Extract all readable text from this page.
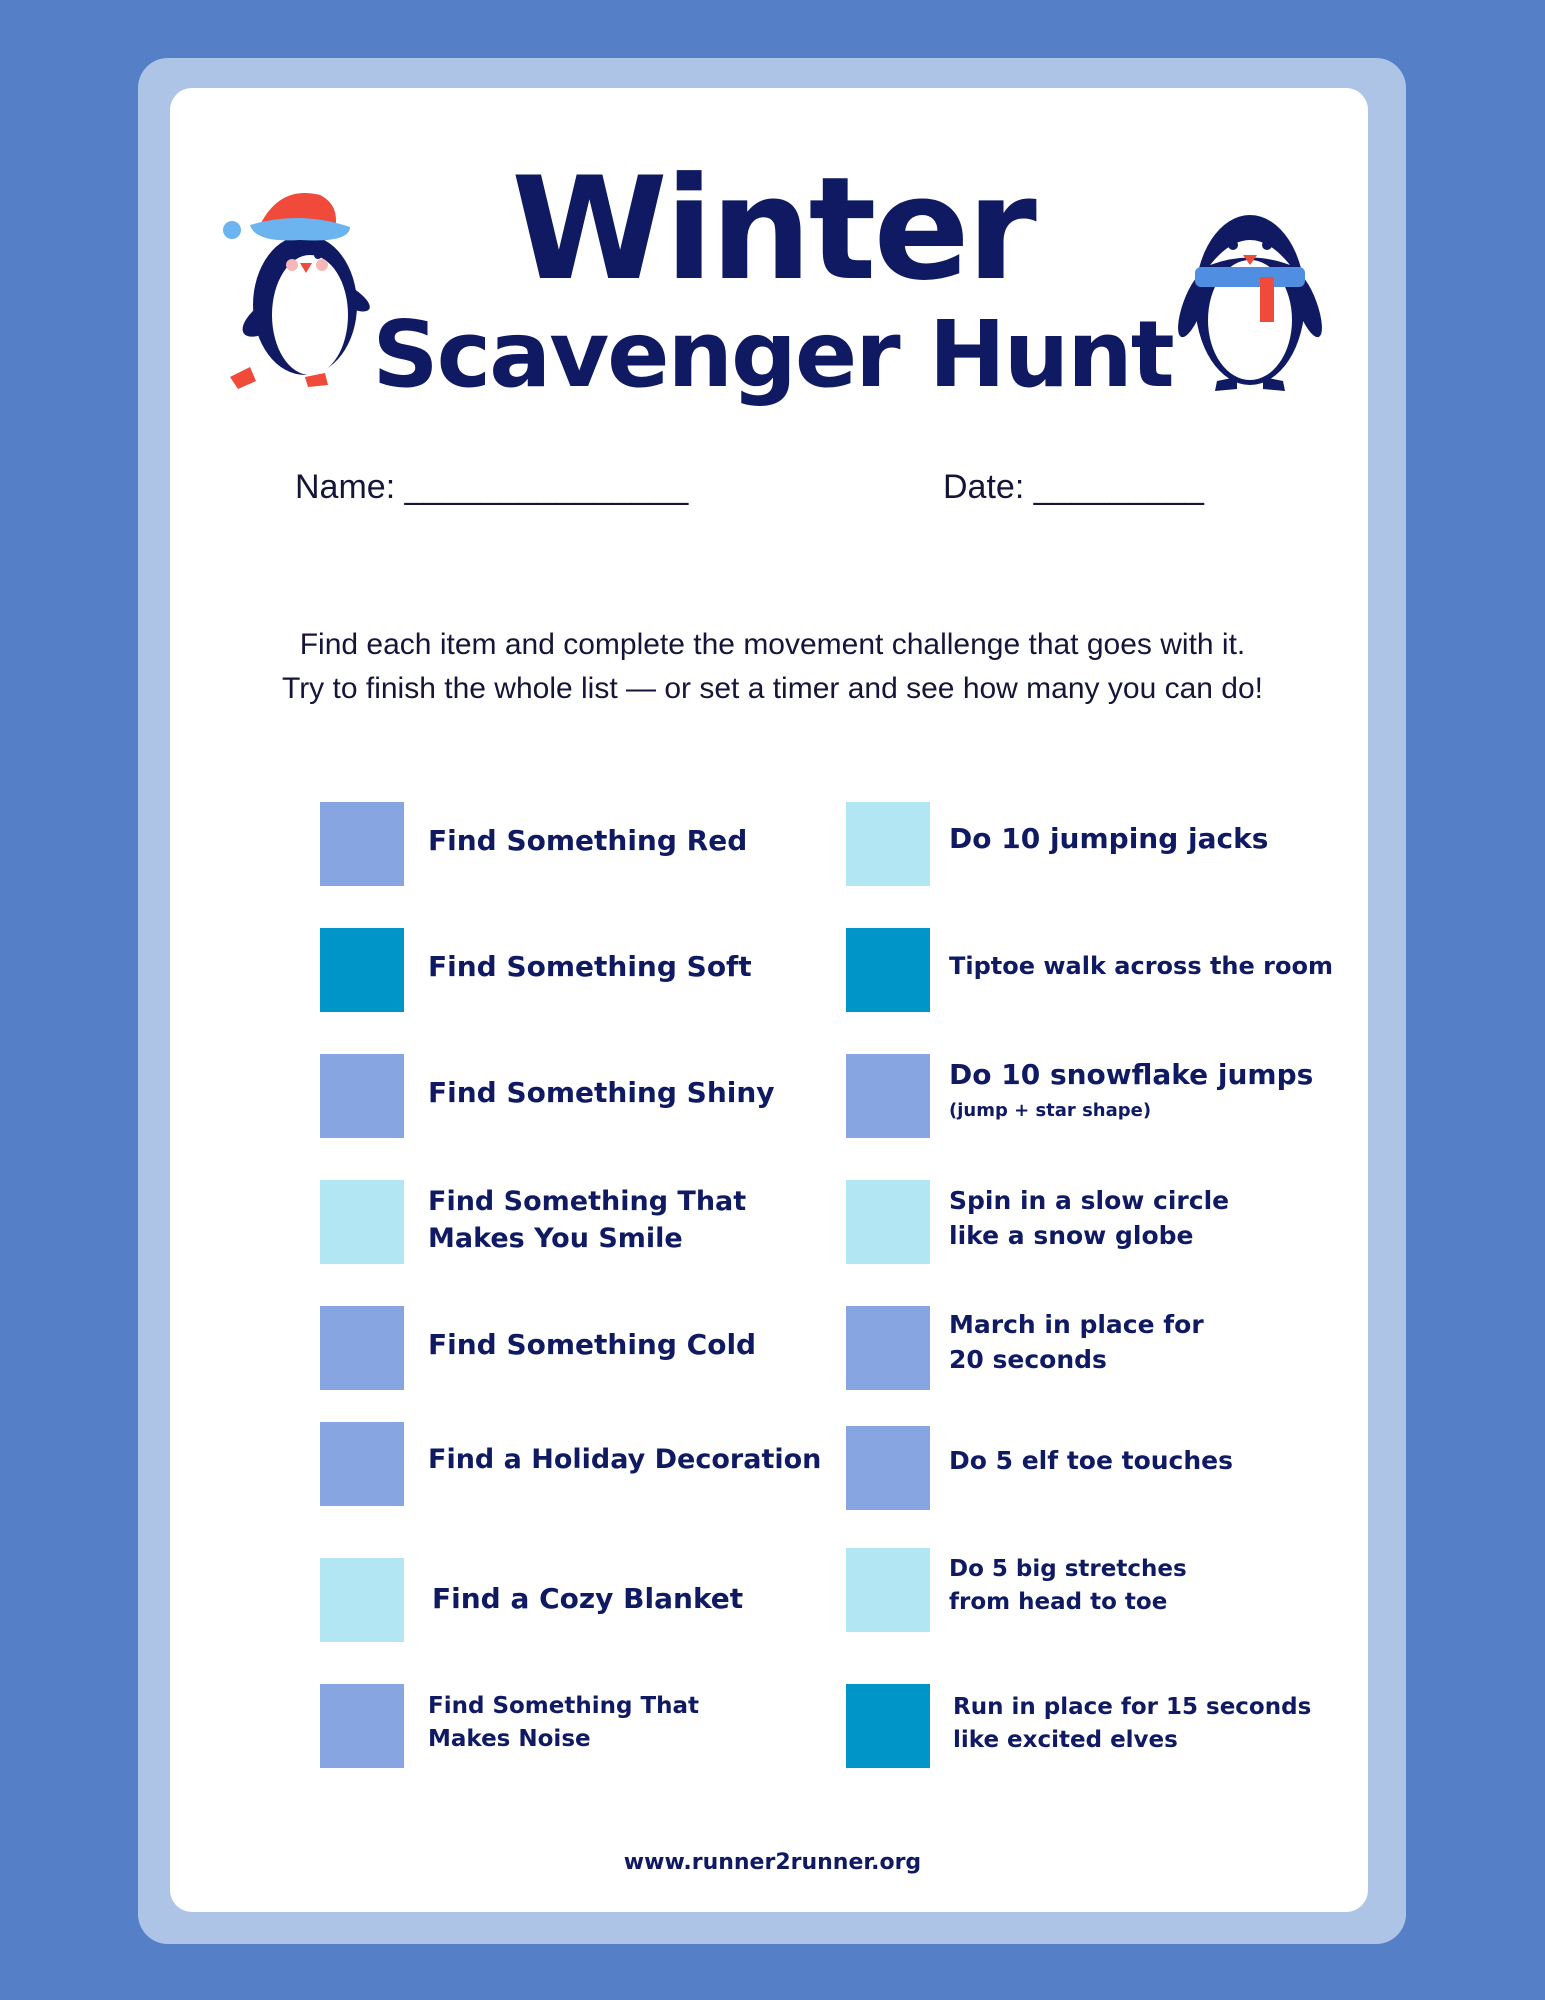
Winter
Scavenger Hunt
Name: _______________	Date: _________
Find each item and complete the movement challenge that goes with it.
Try to finish the whole list — or set a timer and see how many you can do!
Find Something Red
Find Something Soft
Find Something Shiny
Find Something That
Makes You Smile
Find Something Cold
Find a Holiday Decoration
Find a Cozy Blanket
Find Something That
Makes Noise
Do 10 jumping jacks
Tiptoe walk across the room
Do 10 snowflake jumps
(jump + star shape)
Spin in a slow circle
like a snow globe
March in place for
20 seconds
Do 5 elf toe touches
Do 5 big stretches
from head to toe
Run in place for 15 seconds
like excited elves
www.runner2runner.org
